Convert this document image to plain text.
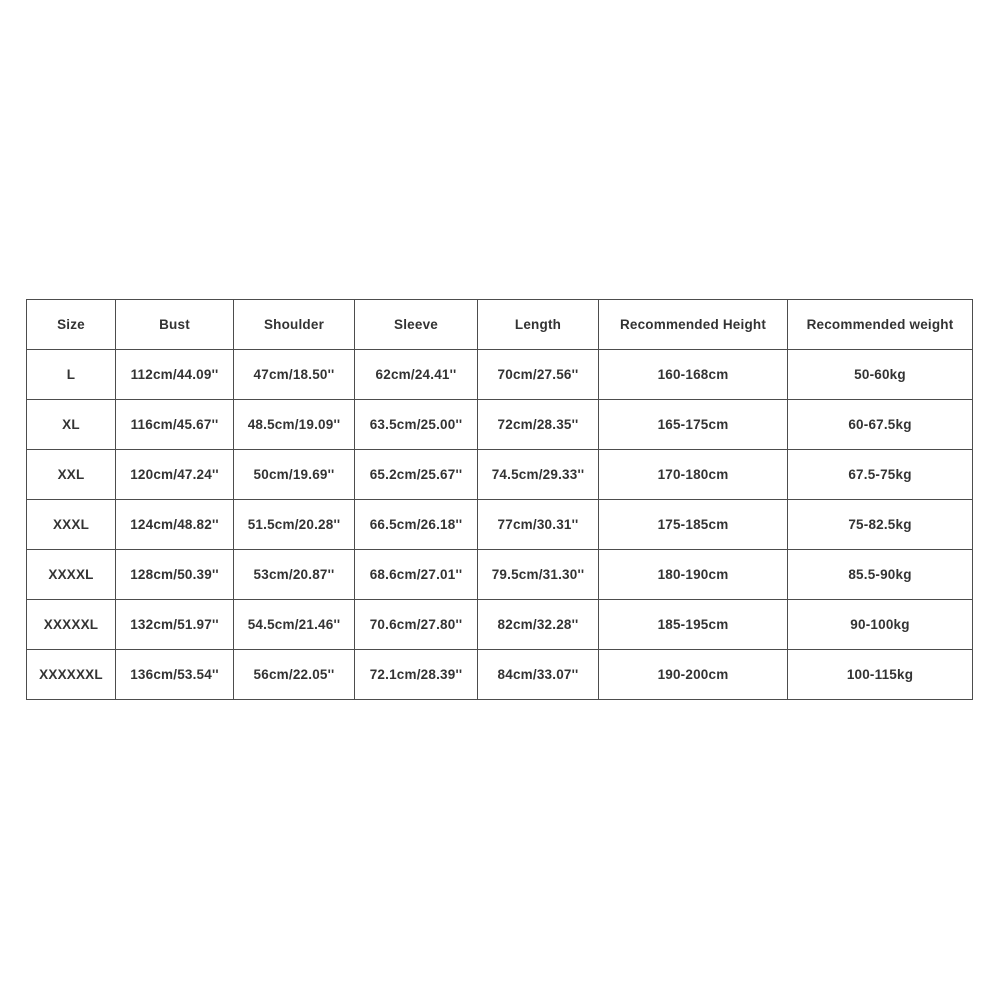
Size	Bust	Shoulder	Sleeve	Length	Recommended Height	Recommended weight
L	112cm/44.09''	47cm/18.50''	62cm/24.41''	70cm/27.56''	160-168cm	50-60kg
XL	116cm/45.67''	48.5cm/19.09''	63.5cm/25.00''	72cm/28.35''	165-175cm	60-67.5kg
XXL	120cm/47.24''	50cm/19.69''	65.2cm/25.67''	74.5cm/29.33''	170-180cm	67.5-75kg
XXXL	124cm/48.82''	51.5cm/20.28''	66.5cm/26.18''	77cm/30.31''	175-185cm	75-82.5kg
XXXXL	128cm/50.39''	53cm/20.87''	68.6cm/27.01''	79.5cm/31.30''	180-190cm	85.5-90kg
XXXXXL	132cm/51.97''	54.5cm/21.46''	70.6cm/27.80''	82cm/32.28''	185-195cm	90-100kg
XXXXXXL	136cm/53.54''	56cm/22.05''	72.1cm/28.39''	84cm/33.07''	190-200cm	100-115kg
